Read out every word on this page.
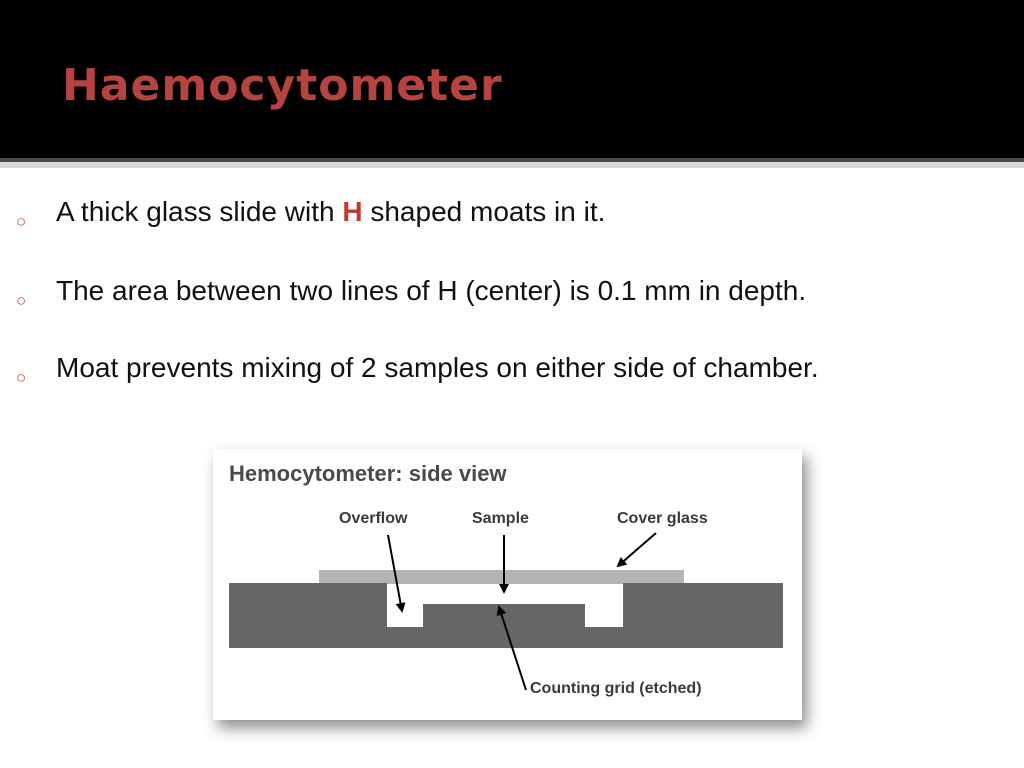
Haemocytometer
○ A thick glass slide with H shaped moats in it.
○ The area between two lines of H (center) is 0.1 mm in depth.
○ Moat prevents mixing of 2 samples on either side of chamber.
Hemocytometer: side view
Overflow	Sample	Cover glass
Counting grid (etched)
